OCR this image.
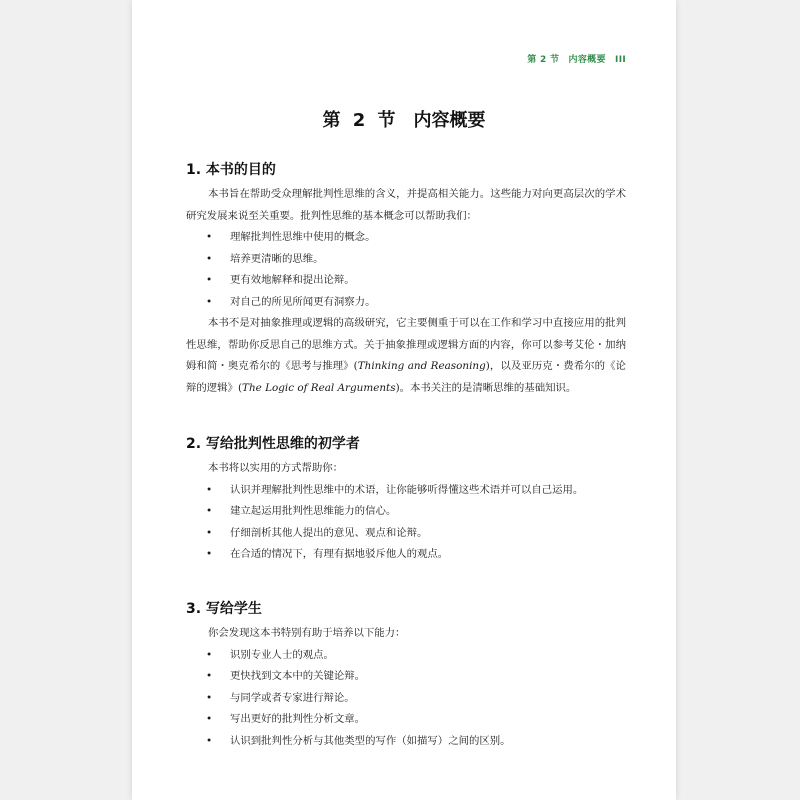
第 2 节　内容概要　III
第 2 节　内容概要
1. 本书的目的

本书旨在帮助受众理解批判性思维的含义，并提高相关能力。这些能力对向更高层次的学术研究发展来说至关重要。批判性思维的基本概念可以帮助我们：

• 理解批判性思维中使用的概念。
• 培养更清晰的思维。
• 更有效地解释和提出论辩。
• 对自己的所见所闻更有洞察力。

本书不是对抽象推理或逻辑的高级研究，它主要侧重于可以在工作和学习中直接应用的批判性思维，帮助你反思自己的思维方式。关于抽象推理或逻辑方面的内容，你可以参考艾伦・加纳姆和简・奥克希尔的《思考与推理》(Thinking and Reasoning)，以及亚历克・费希尔的《论辩的逻辑》(The Logic of Real Arguments)。本书关注的是清晰思维的基础知识。

2. 写给批判性思维的初学者

本书将以实用的方式帮助你：

• 认识并理解批判性思维中的术语，让你能够听得懂这些术语并可以自己运用。
• 建立起运用批判性思维能力的信心。
• 仔细剖析其他人提出的意见、观点和论辩。
• 在合适的情况下，有理有据地驳斥他人的观点。
3. 写给学生

你会发现这本书特别有助于培养以下能力：

• 识别专业人士的观点。
• 更快找到文本中的关键论辩。
• 与同学或者专家进行辩论。
• 写出更好的批判性分析文章。
• 认识到批判性分析与其他类型的写作（如描写）之间的区别。
